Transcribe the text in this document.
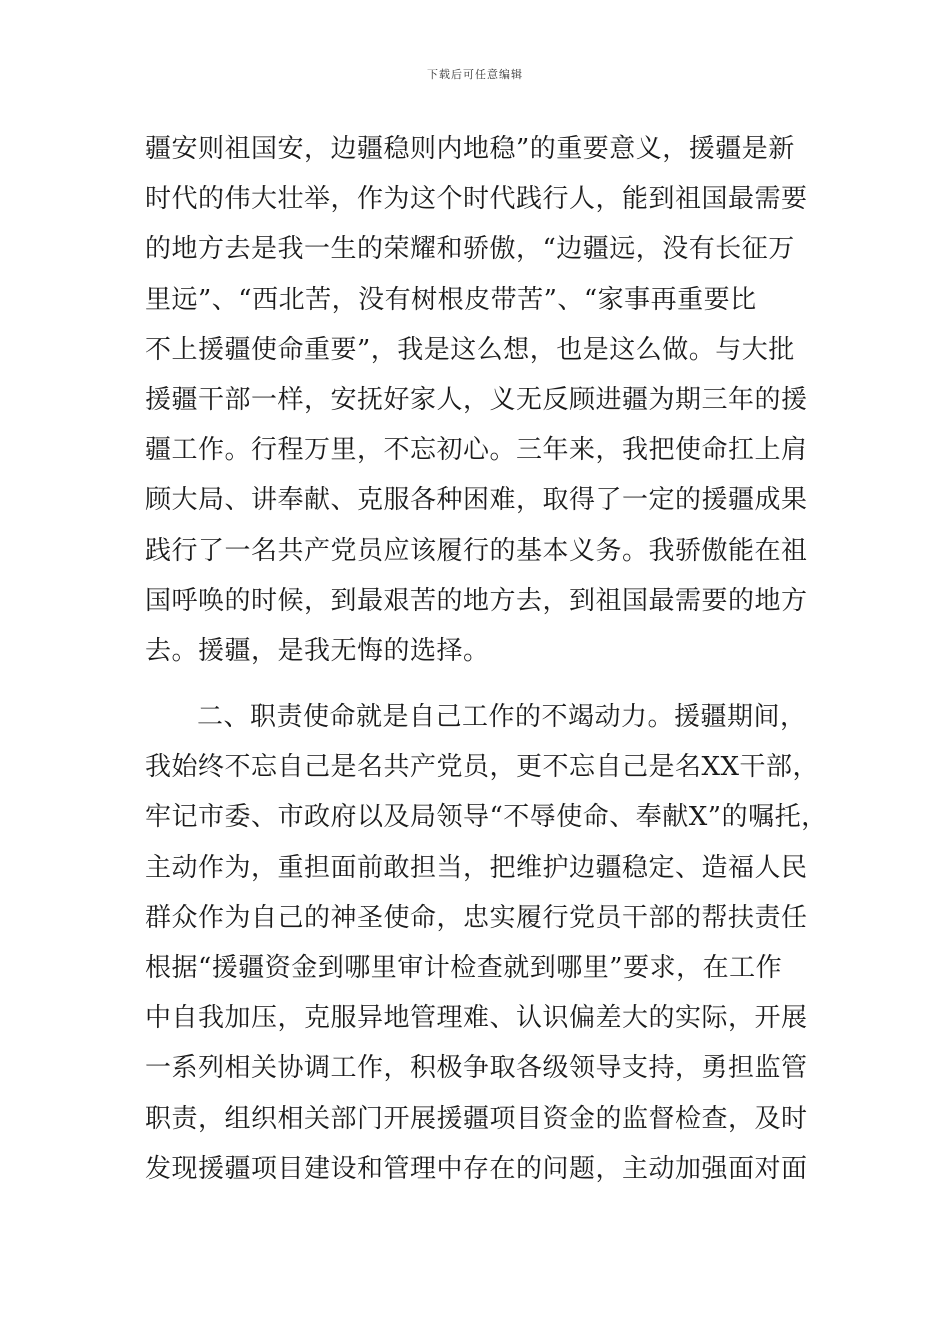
下载后可任意编辑
疆安则祖国安，边疆稳则内地稳”的重要意义，援疆是新
时代的伟大壮举，作为这个时代践行人，能到祖国最需要
的地方去是我一生的荣耀和骄傲，“边疆远，没有长征万
里远”、“西北苦，没有树根皮带苦”、“家事再重要比
不上援疆使命重要”，我是这么想，也是这么做。与大批
援疆干部一样，安抚好家人，义无反顾进疆为期三年的援
疆工作。行程万里，不忘初心。三年来，我把使命扛上肩
顾大局、讲奉献、克服各种困难，取得了一定的援疆成果
践行了一名共产党员应该履行的基本义务。我骄傲能在祖
国呼唤的时候，到最艰苦的地方去，到祖国最需要的地方
去。援疆，是我无悔的选择。
二、职责使命就是自己工作的不竭动力。援疆期间，
我始终不忘自己是名共产党员，更不忘自己是名XX干部，
牢记市委、市政府以及局领导“不辱使命、奉献X”的嘱托，
主动作为，重担面前敢担当，把维护边疆稳定、造福人民
群众作为自己的神圣使命，忠实履行党员干部的帮扶责任
根据“援疆资金到哪里审计检查就到哪里”要求，在工作
中自我加压，克服异地管理难、认识偏差大的实际，开展
一系列相关协调工作，积极争取各级领导支持，勇担监管
职责，组织相关部门开展援疆项目资金的监督检查，及时
发现援疆项目建设和管理中存在的问题，主动加强面对面
